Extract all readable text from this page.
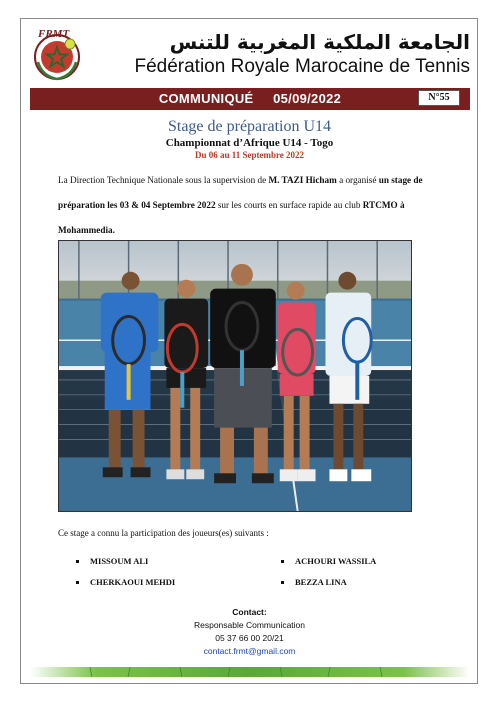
FRMT	الجامعة الملكية المغربية للتنس
Fédération Royale Marocaine de Tennis
COMMUNIQUÉ 05/09/2022	N°55
Stage de préparation U14
Championnat d’Afrique U14 - Togo
Du 06 au 11 Septembre 2022
La Direction Technique Nationale sous la supervision de M. TAZI Hicham a organisé un stage de préparation les 03 & 04 Septembre 2022 sur les courts en surface rapide au club RTCMO à Mohammedia.
Ce stage a connu la participation des joueurs(es) suivants :
MISSOUM ALI	ACHOURI WASSILA
CHERKAOUI MEHDI	BEZZA LINA
Contact:
Responsable Communication
05 37 66 00 20/21
contact.frmt@gmail.com
